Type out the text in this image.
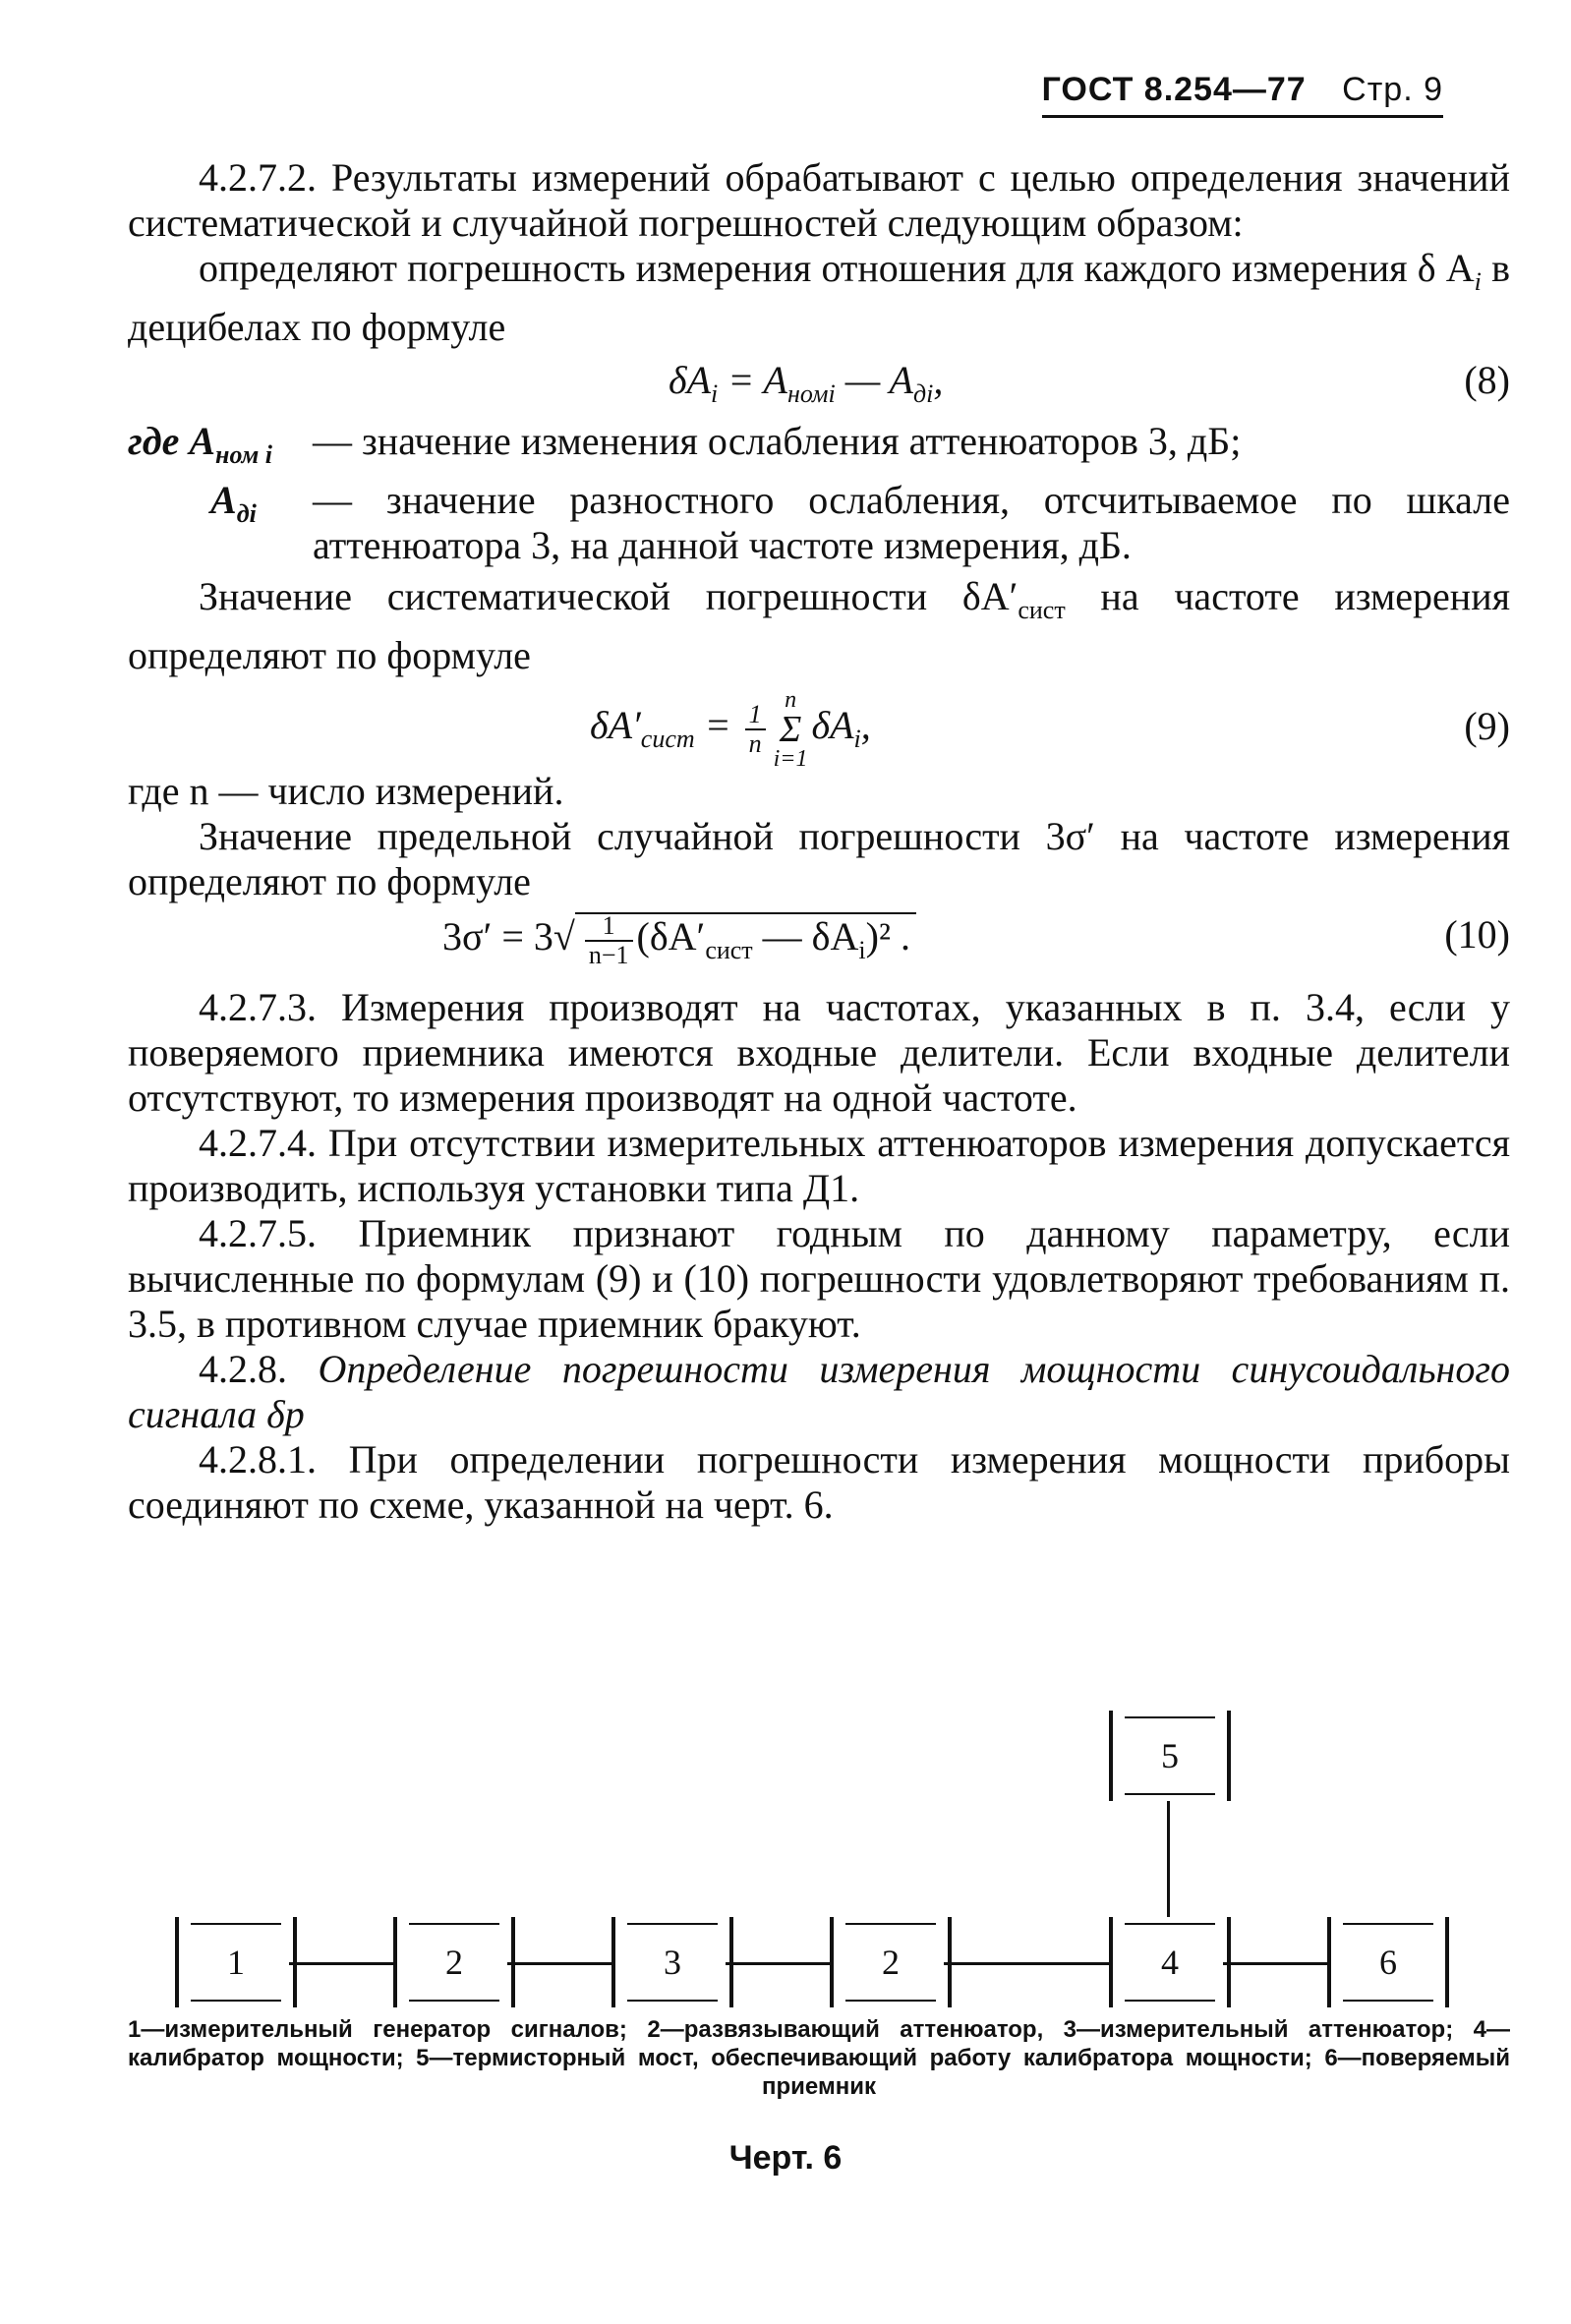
ГОСТ 8.254—77 Стр. 9

4.2.7.2. Результаты измерений обрабатывают с целью определения значений систематической и случайной погрешностей следующим образом:

определяют погрешность измерения отношения для каждого измерения δ $A_i$ в децибелах по формуле

$\delta A_i = A_{номi}$ — $A_{дi}$,	(8)
где $A_{ном i}$	— значение изменения ослабления аттенюаторов 3, дБ;
$A_{дi}$	— значение разностного ослабления, отсчитываемое по шкале аттенюатора 3, на данной частоте измерения, дБ.

Значение систематической погрешности $\delta A'_{сист}$ на частоте измерения определяют по формуле

$\delta A'_{сист} = \frac{1}{n}$
n
Σ
i=1
$\delta A_i$,	(9)

где n — число измерений.

Значение предельной случайной погрешности 3σ′ на частоте измерения определяют по формуле

$3\sigma' = 3√ \frac{1}{n-1} (\delta A'_{сист}$ — $\delta A_i)^2$ .	(10)

4.2.7.3. Измерения производят на частотах, указанных в п. 3.4, если у поверяемого приемника имеются входные делители. Если входные делители отсутствуют, то измерения производят на одной частоте.

4.2.7.4. При отсутствии измерительных аттенюаторов измерения допускается производить, используя установки типа Д1.

4.2.7.5. Приемник признают годным по данному параметру, если вычисленные по формулам (9) и (10) погрешности удовлетворяют требованиям п. 3.5, в противном случае приемник бракуют.

4.2.8. Определение погрешности измерения мощности синусоидального сигнала δp

4.2.8.1. При определении погрешности измерения мощности приборы соединяют по схеме, указанной на черт. 6.

5
1	2	3	2	4	6
1—измерительный генератор сигналов; 2—развязывающий аттенюатор, 3—измерительный аттенюатор; 4—калибратор мощности; 5—термисторный мост, обеспечивающий работу калибратора мощности; 6—поверяемый приемник
Черт. 6
